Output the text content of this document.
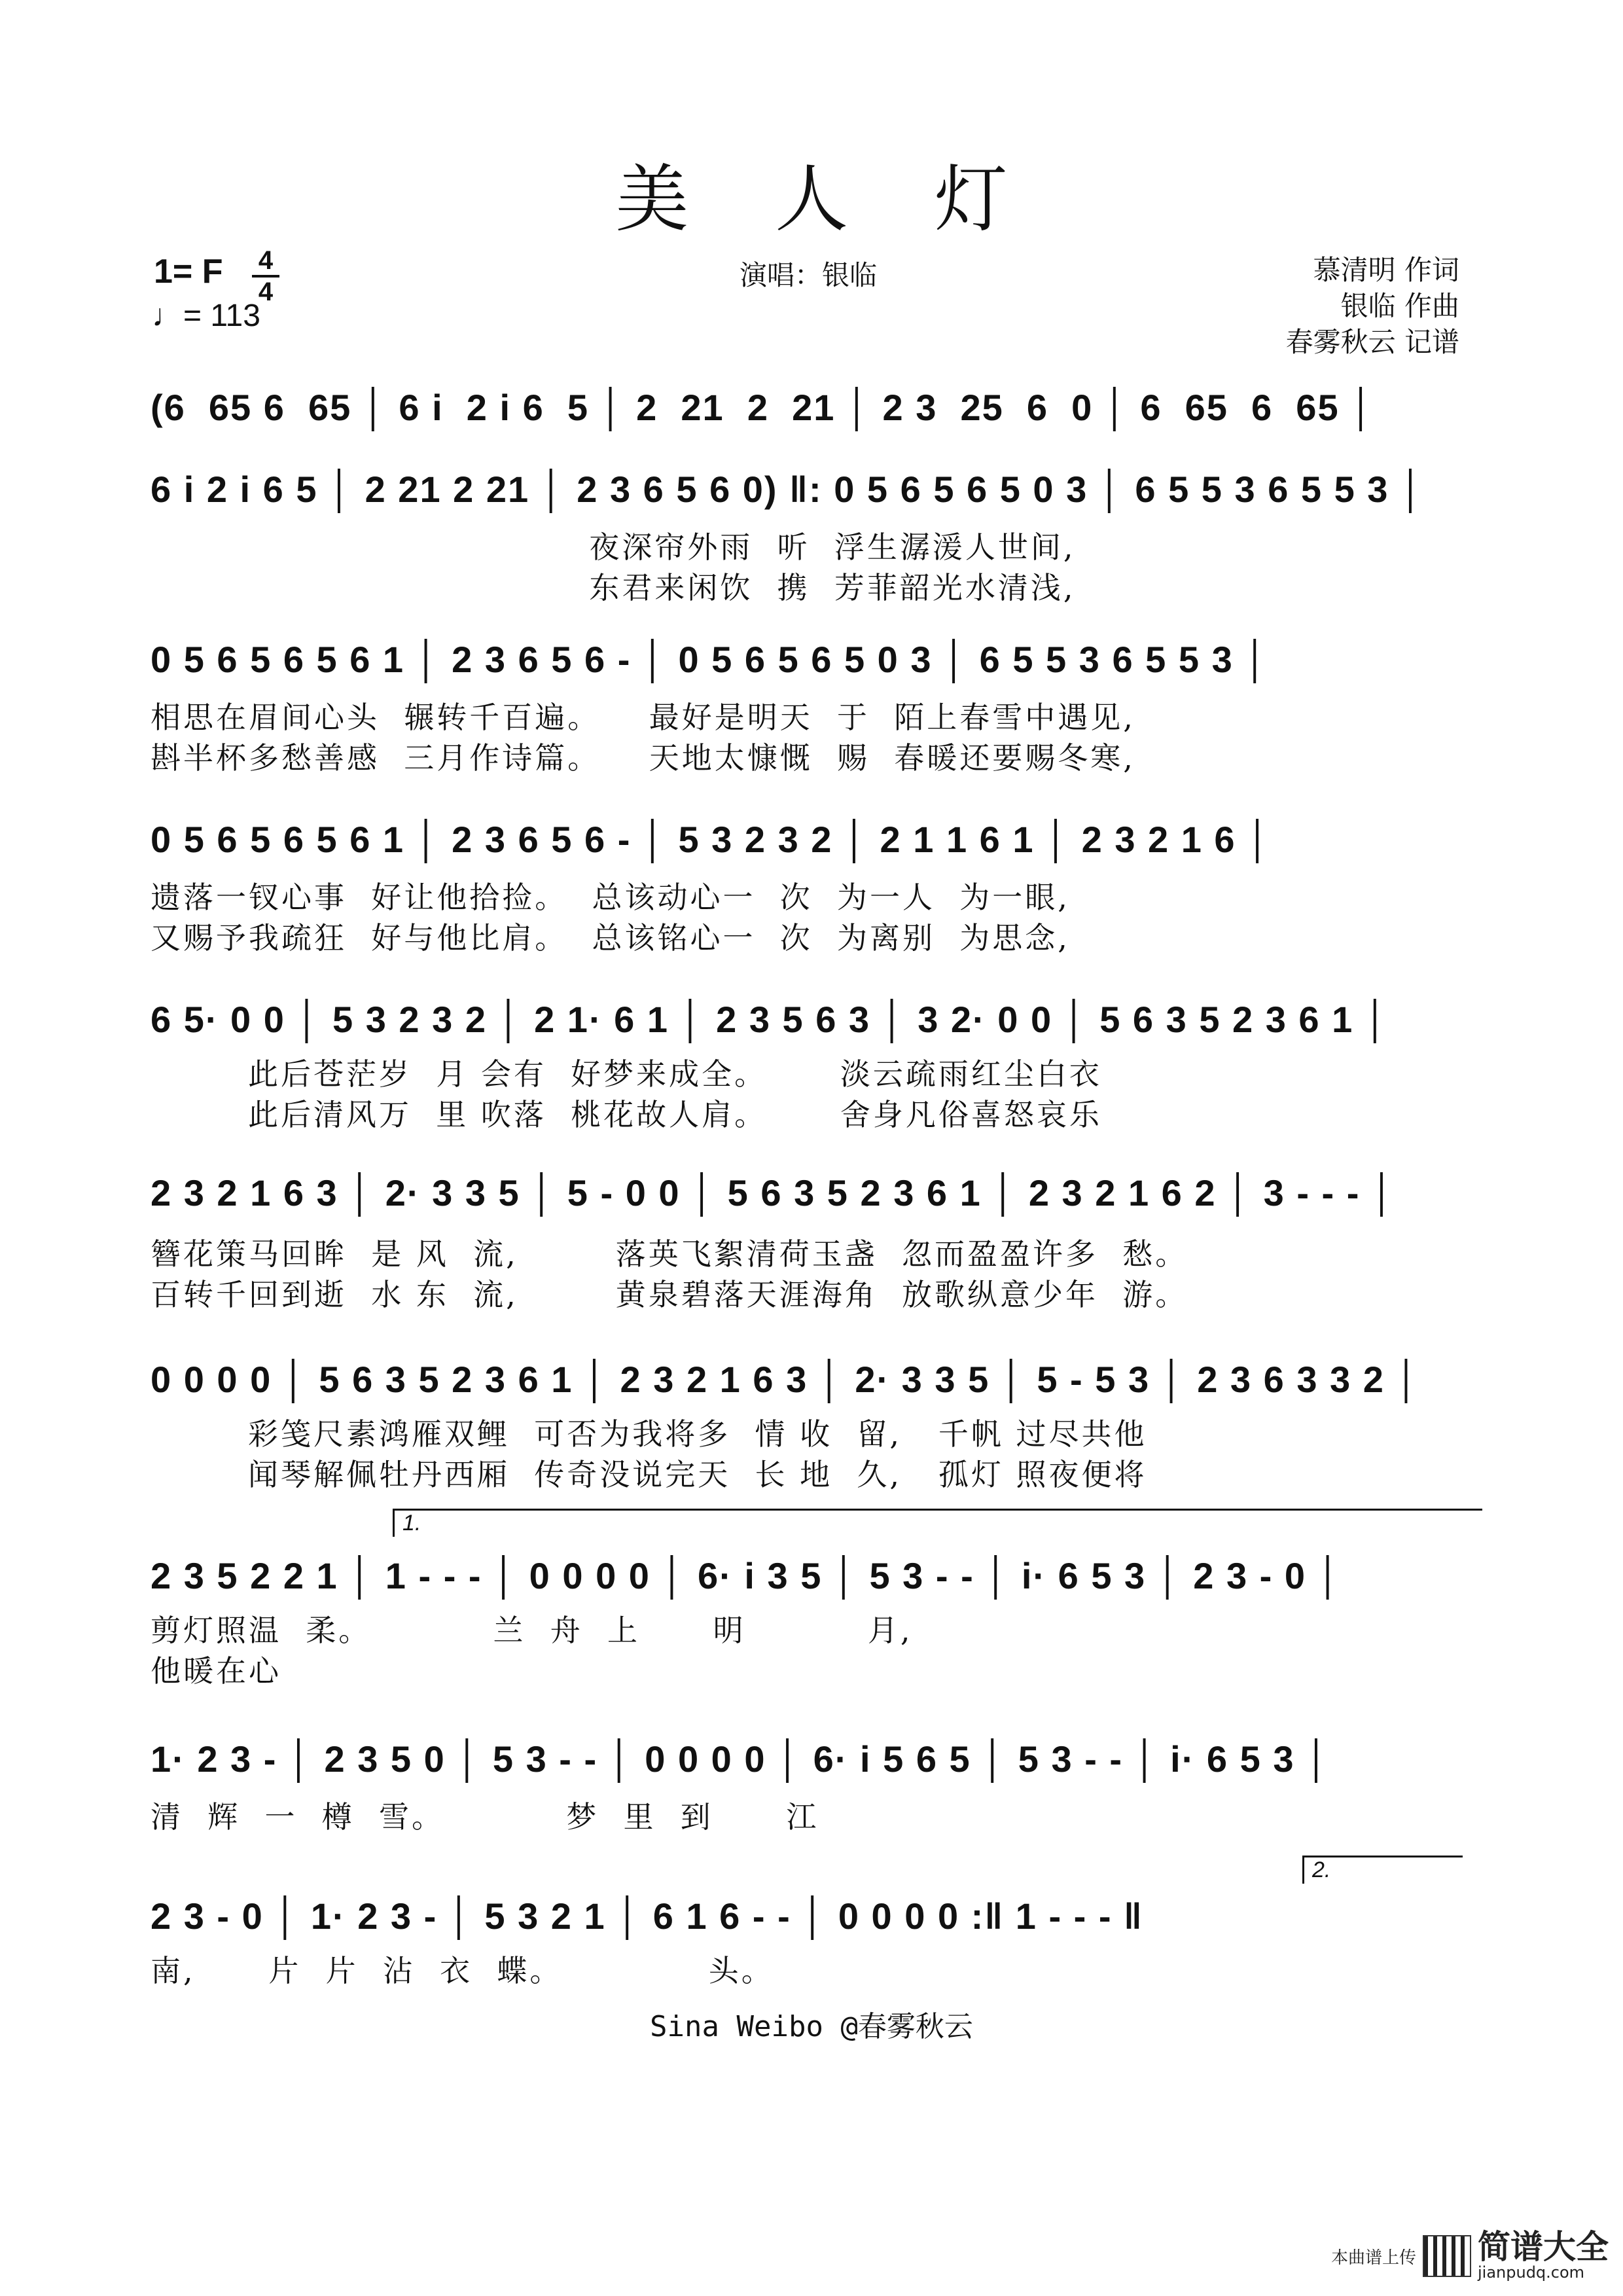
美 人 灯
1= F 4
4
♩= 113
演唱：银临	慕清明 作词
银临 作曲
春雾秋云 记谱
(6  65 6  65 │ 6 i  2 i 6  5 │ 2  21  2  21 │ 2 3  25  6  0 │ 6  65  6  65 │
6 i 2 i 6 5 │ 2 21 2 21 │ 2 3 6 5 6 0) ‖: 0 5 6 5 6 5 0 3 │ 6 5 5 3 6 5 5 3 │
夜深帘外雨  听  浮生潺湲人世间,
东君来闲饮  携  芳菲韶光水清浅,
0 5 6 5 6 5 6 1 │ 2 3 6 5 6 - │ 0 5 6 5 6 5 0 3 │ 6 5 5 3 6 5 5 3 │
相思在眉间心头  辗转千百遍。    最好是明天  于  陌上春雪中遇见,
斟半杯多愁善感  三月作诗篇。    天地太慷慨  赐  春暖还要赐冬寒,
0 5 6 5 6 5 6 1 │ 2 3 6 5 6 - │ 5 3 2 3 2 │ 2 1 1 6 1 │ 2 3 2 1 6 │
遗落一钗心事  好让他拾捡。  总该动心一  次  为一人  为一眼,
又赐予我疏狂  好与他比肩。  总该铭心一  次  为离别  为思念,
6 5· 0 0 │ 5 3 2 3 2 │ 2 1· 6 1 │ 2 3 5 6 3 │ 3 2· 0 0 │ 5 6 3 5 2 3 6 1 │
此后苍茫岁  月 会有  好梦来成全。      淡云疏雨红尘白衣
此后清风万  里 吹落  桃花故人肩。      舍身凡俗喜怒哀乐
2 3 2 1 6 3 │ 2· 3 3 5 │ 5 - 0 0 │ 5 6 3 5 2 3 6 1 │ 2 3 2 1 6 2 │ 3 - - - │
簪花策马回眸  是 风  流,        落英飞絮清荷玉盏  忽而盈盈许多  愁。
百转千回到逝  水 东  流,        黄泉碧落天涯海角  放歌纵意少年  游。
0 0 0 0 │ 5 6 3 5 2 3 6 1 │ 2 3 2 1 6 3 │ 2· 3 3 5 │ 5 - 5 3 │ 2 3 6 3 3 2 │
彩笺尺素鸿雁双鲤  可否为我将多  情 收  留,   千帆 过尽共他
闻琴解佩牡丹西厢  传奇没说完天  长 地  久,   孤灯 照夜便将
1.
2 3 5 2 2 1 │ 1 - - - │ 0 0 0 0 │ 6· i 3 5 │ 5 3 - - │ i· 6 5 3 │ 2 3 - 0 │
剪灯照温  柔。          兰  舟  上      明          月,
他暖在心
1· 2 3 - │ 2 3 5 0 │ 5 3 - - │ 0 0 0 0 │ 6· i 5 6 5 │ 5 3 - - │ i· 6 5 3 │
清  辉  一  樽  雪。          梦  里  到      江
2.
2 3 - 0 │ 1· 2 3 - │ 5 3 2 1 │ 6 1 6 - - │ 0 0 0 0 :‖ 1 - - - ‖
南,      片  片  沾  衣  蝶。            头。
Sina Weibo @春雾秋云
本曲谱上传 简谱大全
jianpudq.com
